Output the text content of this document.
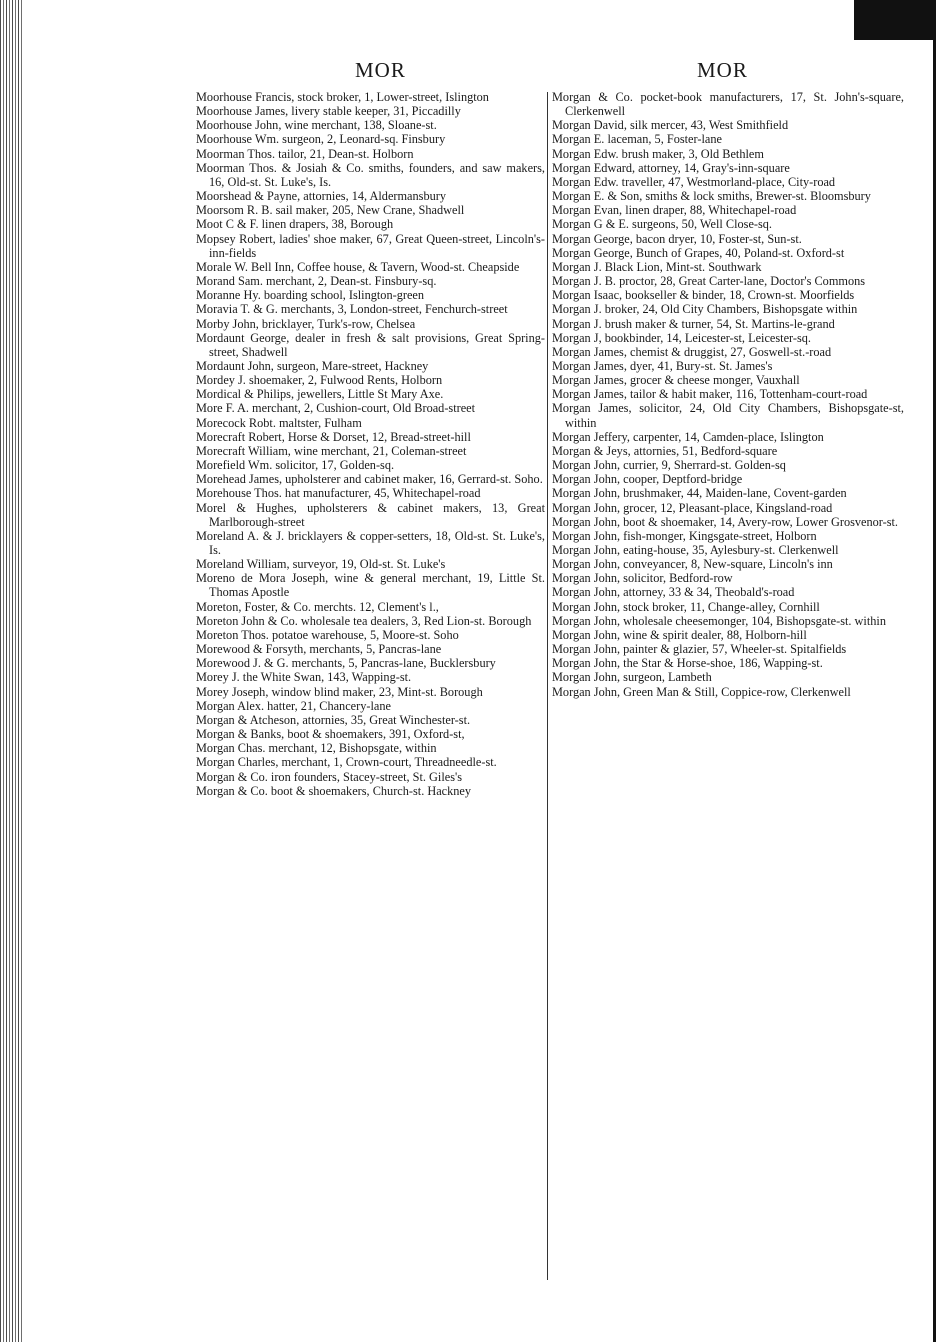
MOR	MOR

Moorhouse Francis, stock broker, 1, Lower-street, Islington

Moorhouse James, livery stable keeper, 31, Piccadilly

Moorhouse John, wine merchant, 138, Sloane-st.

Moorhouse Wm. surgeon, 2, Leonard-sq. Finsbury

Moorman Thos. tailor, 21, Dean-st. Holborn

Moorman Thos. & Josiah & Co. smiths, founders, and saw makers, 16, Old-st. St. Luke's, Is.

Moorshead & Payne, attornies, 14, Aldermansbury

Moorsom R. B. sail maker, 205, New Crane, Shadwell

Moot C & F. linen drapers, 38, Borough

Mopsey Robert, ladies' shoe maker, 67, Great Queen-street, Lincoln's-inn-fields

Morale W. Bell Inn, Coffee house, & Tavern, Wood-st. Cheapside

Morand Sam. merchant, 2, Dean-st. Finsbury-sq.

Moranne Hy. boarding school, Islington-green

Moravia T. & G. merchants, 3, London-street, Fenchurch-street

Morby John, bricklayer, Turk's-row, Chelsea

Mordaunt George, dealer in fresh & salt provisions, Great Spring-street, Shadwell

Mordaunt John, surgeon, Mare-street, Hackney

Mordey J. shoemaker, 2, Fulwood Rents, Holborn

Mordical & Philips, jewellers, Little St Mary Axe.

More F. A. merchant, 2, Cushion-court, Old Broad-street

Morecock Robt. maltster, Fulham

Morecraft Robert, Horse & Dorset, 12, Bread-street-hill

Morecraft William, wine merchant, 21, Coleman-street

Morefield Wm. solicitor, 17, Golden-sq.

Morehead James, upholsterer and cabinet maker, 16, Gerrard-st. Soho.

Morehouse Thos. hat manufacturer, 45, Whitechapel-road

Morel & Hughes, upholsterers & cabinet makers, 13, Great Marlborough-street

Moreland A. & J. bricklayers & copper-setters, 18, Old-st. St. Luke's, Is.

Moreland William, surveyor, 19, Old-st. St. Luke's

Moreno de Mora Joseph, wine & general merchant, 19, Little St. Thomas Apostle

Moreton, Foster, & Co. merchts. 12, Clement's l.,

Moreton John & Co. wholesale tea dealers, 3, Red Lion-st. Borough

Moreton Thos. potatoe warehouse, 5, Moore-st. Soho

Morewood & Forsyth, merchants, 5, Pancras-lane

Morewood J. & G. merchants, 5, Pancras-lane, Bucklersbury

Morey J. the White Swan, 143, Wapping-st.

Morey Joseph, window blind maker, 23, Mint-st. Borough

Morgan Alex. hatter, 21, Chancery-lane

Morgan & Atcheson, attornies, 35, Great Winchester-st.

Morgan & Banks, boot & shoemakers, 391, Oxford-st,

Morgan Chas. merchant, 12, Bishopsgate, within

Morgan Charles, merchant, 1, Crown-court, Threadneedle-st.

Morgan & Co. iron founders, Stacey-street, St. Giles's

Morgan & Co. boot & shoemakers, Church-st. Hackney

Morgan & Co. pocket-book manufacturers, 17, St. John's-square, Clerkenwell

Morgan David, silk mercer, 43, West Smithfield

Morgan E. laceman, 5, Foster-lane

Morgan Edw. brush maker, 3, Old Bethlem

Morgan Edward, attorney, 14, Gray's-inn-square

Morgan Edw. traveller, 47, Westmorland-place, City-road

Morgan E. & Son, smiths & lock smiths, Brewer-st. Bloomsbury

Morgan Evan, linen draper, 88, Whitechapel-road

Morgan G & E. surgeons, 50, Well Close-sq.

Morgan George, bacon dryer, 10, Foster-st, Sun-st.

Morgan George, Bunch of Grapes, 40, Poland-st. Oxford-st

Morgan J. Black Lion, Mint-st. Southwark

Morgan J. B. proctor, 28, Great Carter-lane, Doctor's Commons

Morgan Isaac, bookseller & binder, 18, Crown-st. Moorfields

Morgan J. broker, 24, Old City Chambers, Bishopsgate within

Morgan J. brush maker & turner, 54, St. Martins-le-grand

Morgan J, bookbinder, 14, Leicester-st, Leicester-sq.

Morgan James, chemist & druggist, 27, Goswell-st.-road

Morgan James, dyer, 41, Bury-st. St. James's

Morgan James, grocer & cheese monger, Vauxhall

Morgan James, tailor & habit maker, 116, Tottenham-court-road

Morgan James, solicitor, 24, Old City Chambers, Bishopsgate-st, within

Morgan Jeffery, carpenter, 14, Camden-place, Islington

Morgan & Jeys, attornies, 51, Bedford-square

Morgan John, currier, 9, Sherrard-st. Golden-sq

Morgan John, cooper, Deptford-bridge

Morgan John, brushmaker, 44, Maiden-lane, Covent-garden

Morgan John, grocer, 12, Pleasant-place, Kingsland-road

Morgan John, boot & shoemaker, 14, Avery-row, Lower Grosvenor-st.

Morgan John, fish-monger, Kingsgate-street, Holborn

Morgan John, eating-house, 35, Aylesbury-st. Clerkenwell

Morgan John, conveyancer, 8, New-square, Lincoln's inn

Morgan John, solicitor, Bedford-row

Morgan John, attorney, 33 & 34, Theobald's-road

Morgan John, stock broker, 11, Change-alley, Cornhill

Morgan John, wholesale cheesemonger, 104, Bishopsgate-st. within

Morgan John, wine & spirit dealer, 88, Holborn-hill

Morgan John, painter & glazier, 57, Wheeler-st. Spitalfields

Morgan John, the Star & Horse-shoe, 186, Wapping-st.

Morgan John, surgeon, Lambeth

Morgan John, Green Man & Still, Coppice-row, Clerkenwell
